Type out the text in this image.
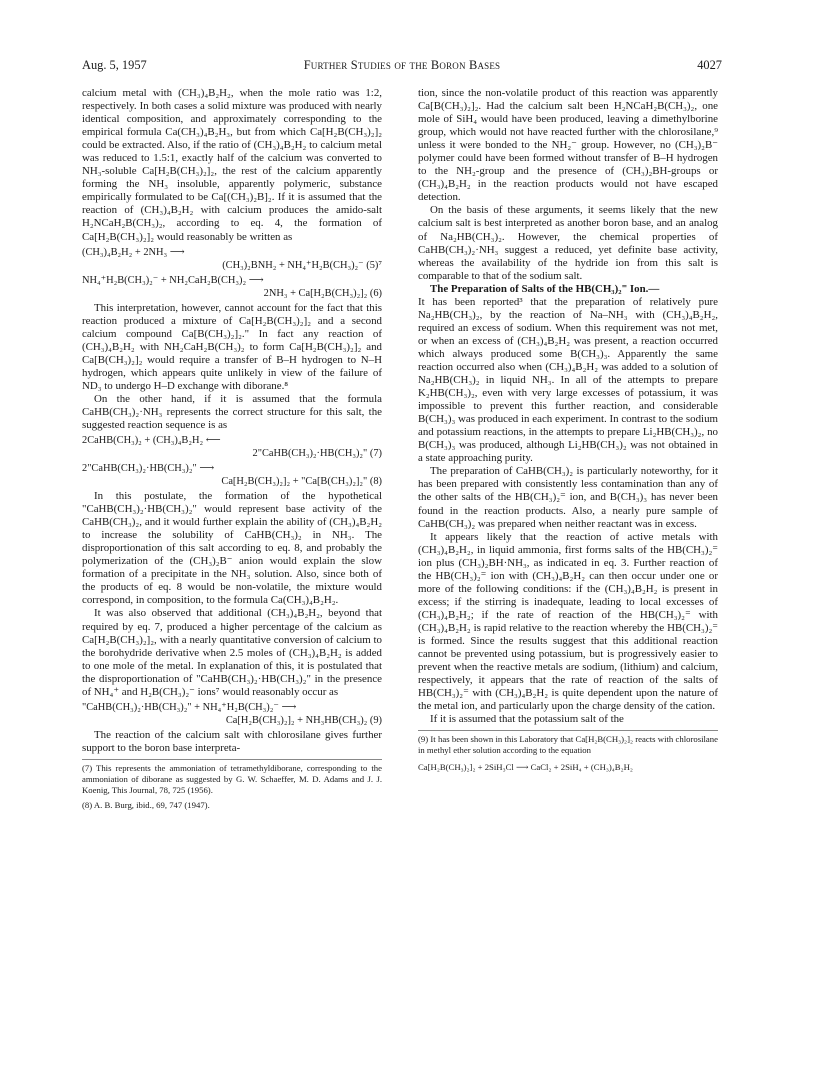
Aug. 5, 1957	Further Studies of the Boron Bases	4027

calcium metal with (CH₃)₄B₂H₂, when the mole ratio was 1:2, respectively. In both cases a solid mixture was produced with nearly identical composition, and approximately corresponding to the empirical formula Ca(CH₃)₄B₂H₃, but from which Ca[H₂B(CH₃)₂]₂ could be extracted. Also, if the ratio of (CH₃)₄B₂H₂ to calcium metal was reduced to 1.5:1, exactly half of the calcium was converted to NH₃-soluble Ca[H₂B(CH₃)₂]₂, the rest of the calcium apparently forming the NH₃ insoluble, apparently polymeric, substance empirically formulated to be Ca[(CH₃)₂B]₂. If it is assumed that the reaction of (CH₃)₄B₂H₂ with calcium produces the amido-salt H₂NCaH₂B(CH₃)₂, according to eq. 4, the formation of Ca[H₂B(CH₃)₂]₂ would reasonably be written as

(CH₃)₄B₂H₂ + 2NH₃ ⟶
(CH₃)₂BNH₂ + NH₄⁺H₂B(CH₃)₂⁻ (5)⁷
NH₄⁺H₂B(CH₃)₂⁻ + NH₂CaH₂B(CH₃)₂ ⟶
2NH₃ + Ca[H₂B(CH₃)₂]₂ (6)

This interpretation, however, cannot account for the fact that this reaction produced a mixture of Ca[H₂B(CH₃)₂]₂ and a second calcium compound Ca[B(CH₃)₂]₂." In fact any reaction of (CH₃)₄B₂H₂ with NH₂CaH₂B(CH₃)₂ to form Ca[H₂B(CH₃)₂]₂ and Ca[B(CH₃)₂]₂ would require a transfer of B–H hydrogen to N–H hydrogen, which appears quite unlikely in view of the failure of ND₃ to undergo H–D exchange with diborane.⁸

On the other hand, if it is assumed that the formula CaHB(CH₃)₂·NH₃ represents the correct structure for this salt, the suggested reaction sequence is as

2CaHB(CH₃)₂ + (CH₃)₄B₂H₂ ⟵
2"CaHB(CH₃)₂·HB(CH₃)₂" (7)
2"CaHB(CH₃)₂·HB(CH₃)₂" ⟶
Ca[H₂B(CH₃)₂]₂ + "Ca[B(CH₃)₂]₂" (8)

In this postulate, the formation of the hypothetical "CaHB(CH₃)₂·HB(CH₃)₂" would represent base activity of the CaHB(CH₃)₂, and it would further explain the ability of (CH₃)₄B₂H₂ to increase the solubility of CaHB(CH₃)₂ in NH₃. The disproportionation of this salt according to eq. 8, and probably the polymerization of the (CH₃)₂B⁻ anion would explain the slow formation of a precipitate in the NH₃ solution. Also, since both of the products of eq. 8 would be non-volatile, the mixture would correspond, in composition, to the formula Ca(CH₃)₄B₂H₂.

It was also observed that additional (CH₃)₄B₂H₂, beyond that required by eq. 7, produced a higher percentage of the calcium as Ca[H₂B(CH₃)₂]₂, with a nearly quantitative conversion of calcium to the borohydride derivative when 2.5 moles of (CH₃)₄B₂H₂ is added to one mole of the metal. In explanation of this, it is postulated that the disproportionation of "CaHB(CH₃)₂·HB(CH₃)₂" in the presence of NH₄⁺ and H₂B(CH₃)₂⁻ ions⁷ would reasonably occur as

"CaHB(CH₃)₂·HB(CH₃)₂" + NH₄⁺H₂B(CH₃)₂⁻ ⟶
Ca[H₂B(CH₃)₂]₂ + NH₃HB(CH₃)₂ (9)

The reaction of the calcium salt with chlorosilane gives further support to the boron base interpreta-

(7) This represents the ammoniation of tetramethyldiborane, corresponding to the ammoniation of diborane as suggested by G. W. Schaeffer, M. D. Adams and J. J. Koenig, This Journal, 78, 725 (1956).
(8) A. B. Burg, ibid., 69, 747 (1947).

tion, since the non-volatile product of this reaction was apparently Ca[B(CH₃)₂]₂. Had the calcium salt been H₂NCaH₂B(CH₃)₂, one mole of SiH₄ would have been produced, leaving a dimethylborine group, which would not have reacted further with the chlorosilane,⁹ unless it were bonded to the NH₂⁻ group. However, no (CH₃)₂B⁻ polymer could have been formed without transfer of B–H hydrogen to the NH₂-group and the presence of (CH₃)₂BH-groups or (CH₃)₄B₂H₂ in the reaction products would not have escaped detection.

On the basis of these arguments, it seems likely that the new calcium salt is best interpreted as another boron base, and an analog of Na₂HB(CH₃)₂. However, the chemical properties of CaHB(CH₃)₂·NH₃ suggest a reduced, yet definite base activity, whereas the availability of the hydride ion from this salt is comparable to that of the sodium salt.

The Preparation of Salts of the HB(CH₃)₂⁼ Ion.—

It has been reported³ that the preparation of relatively pure Na₂HB(CH₃)₂, by the reaction of Na–NH₃ with (CH₃)₄B₂H₂, required an excess of sodium. When this requirement was not met, or when an excess of (CH₃)₄B₂H₂ was present, a reaction occurred which always produced some B(CH₃)₃. Apparently the same reaction occurred also when (CH₃)₄B₂H₂ was added to a solution of Na₂HB(CH₃)₂ in liquid NH₃. In all of the attempts to prepare K₂HB(CH₃)₂, even with very large excesses of potassium, it was impossible to prevent this further reaction, and considerable B(CH₃)₃ was produced in each experiment. In contrast to the sodium and potassium reactions, in the attempts to prepare Li₂HB(CH₃)₂, no B(CH₃)₃ was produced, although Li₂HB(CH₃)₂ was not obtained in a state approaching purity.

The preparation of CaHB(CH₃)₂ is particularly noteworthy, for it has been prepared with consistently less contamination than any of the other salts of the HB(CH₃)₂⁼ ion, and B(CH₃)₃ has never been found in the reaction products. Also, a nearly pure sample of CaHB(CH₃)₂ was prepared when neither reactant was in excess.

It appears likely that the reaction of active metals with (CH₃)₄B₂H₂, in liquid ammonia, first forms salts of the HB(CH₃)₂⁼ ion plus (CH₃)₂BH·NH₃, as indicated in eq. 3. Further reaction of the HB(CH₃)₂⁼ ion with (CH₃)₄B₂H₂ can then occur under one or more of the following conditions: if the (CH₃)₄B₂H₂ is present in excess; if the stirring is inadequate, leading to local excesses of (CH₃)₄B₂H₂; if the rate of reaction of the HB(CH₃)₂⁼ with (CH₃)₄B₂H₂ is rapid relative to the reaction whereby the HB(CH₃)₂⁼ is formed. Since the results suggest that this additional reaction cannot be prevented using potassium, but is progressively easier to prevent when the reactive metals are sodium, (lithium) and calcium, respectively, it appears that the rate of reaction of the salts of HB(CH₃)₂⁼ with (CH₃)₄B₂H₂ is quite dependent upon the nature of the metal ion, and particularly upon the charge density of the cation.

If it is assumed that the potassium salt of the

(9) It has been shown in this Laboratory that Ca[H₂B(CH₃)₂]₂ reacts with chlorosilane in methyl ether solution according to the equation
Ca[H₂B(CH₃)₂]₂ + 2SiH₃Cl ⟶ CaCl₂ + 2SiH₄ + (CH₃)₄B₂H₂
